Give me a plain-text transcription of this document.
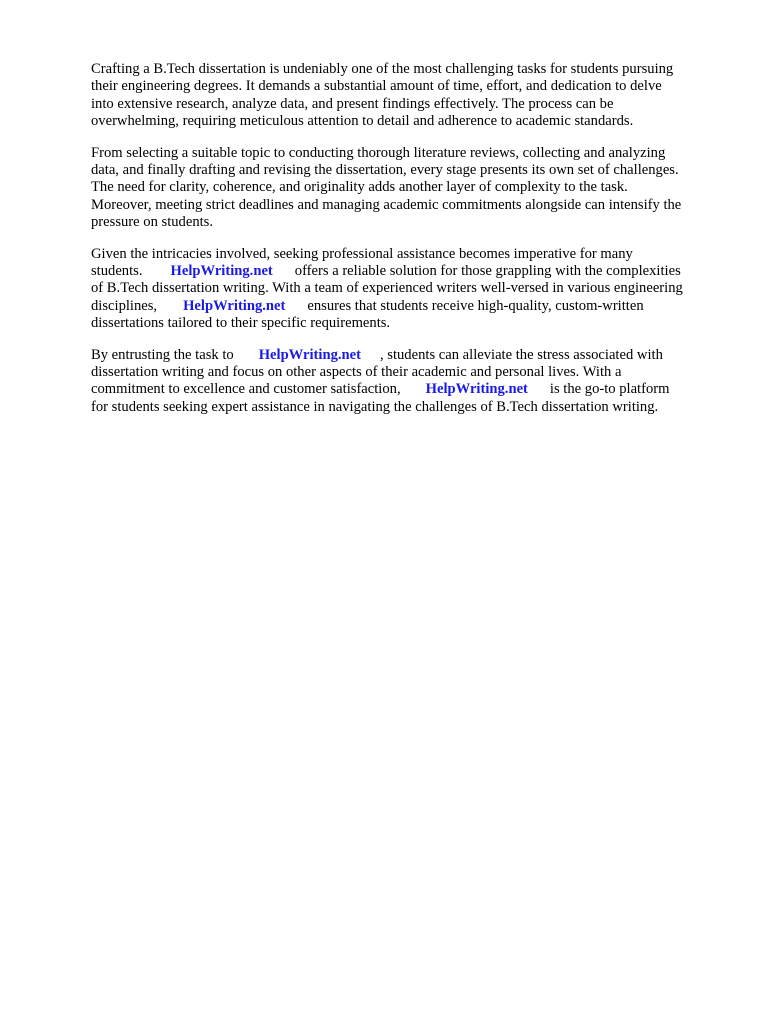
Crafting a B.Tech dissertation is undeniably one of the most challenging tasks for students pursuing
their engineering degrees. It demands a substantial amount of time, effort, and dedication to delve
into extensive research, analyze data, and present findings effectively. The process can be
overwhelming, requiring meticulous attention to detail and adherence to academic standards.

From selecting a suitable topic to conducting thorough literature reviews, collecting and analyzing
data, and finally drafting and revising the dissertation, every stage presents its own set of challenges.
The need for clarity, coherence, and originality adds another layer of complexity to the task.
Moreover, meeting strict deadlines and managing academic commitments alongside can intensify the
pressure on students.

Given the intricacies involved, seeking professional assistance becomes imperative for many
students. HelpWriting.net offers a reliable solution for those grappling with the complexities
of B.Tech dissertation writing. With a team of experienced writers well-versed in various engineering
disciplines, HelpWriting.net ensures that students receive high-quality, custom-written
dissertations tailored to their specific requirements.

By entrusting the task to HelpWriting.net , students can alleviate the stress associated with
dissertation writing and focus on other aspects of their academic and personal lives. With a
commitment to excellence and customer satisfaction, HelpWriting.net is the go-to platform
for students seeking expert assistance in navigating the challenges of B.Tech dissertation writing.
